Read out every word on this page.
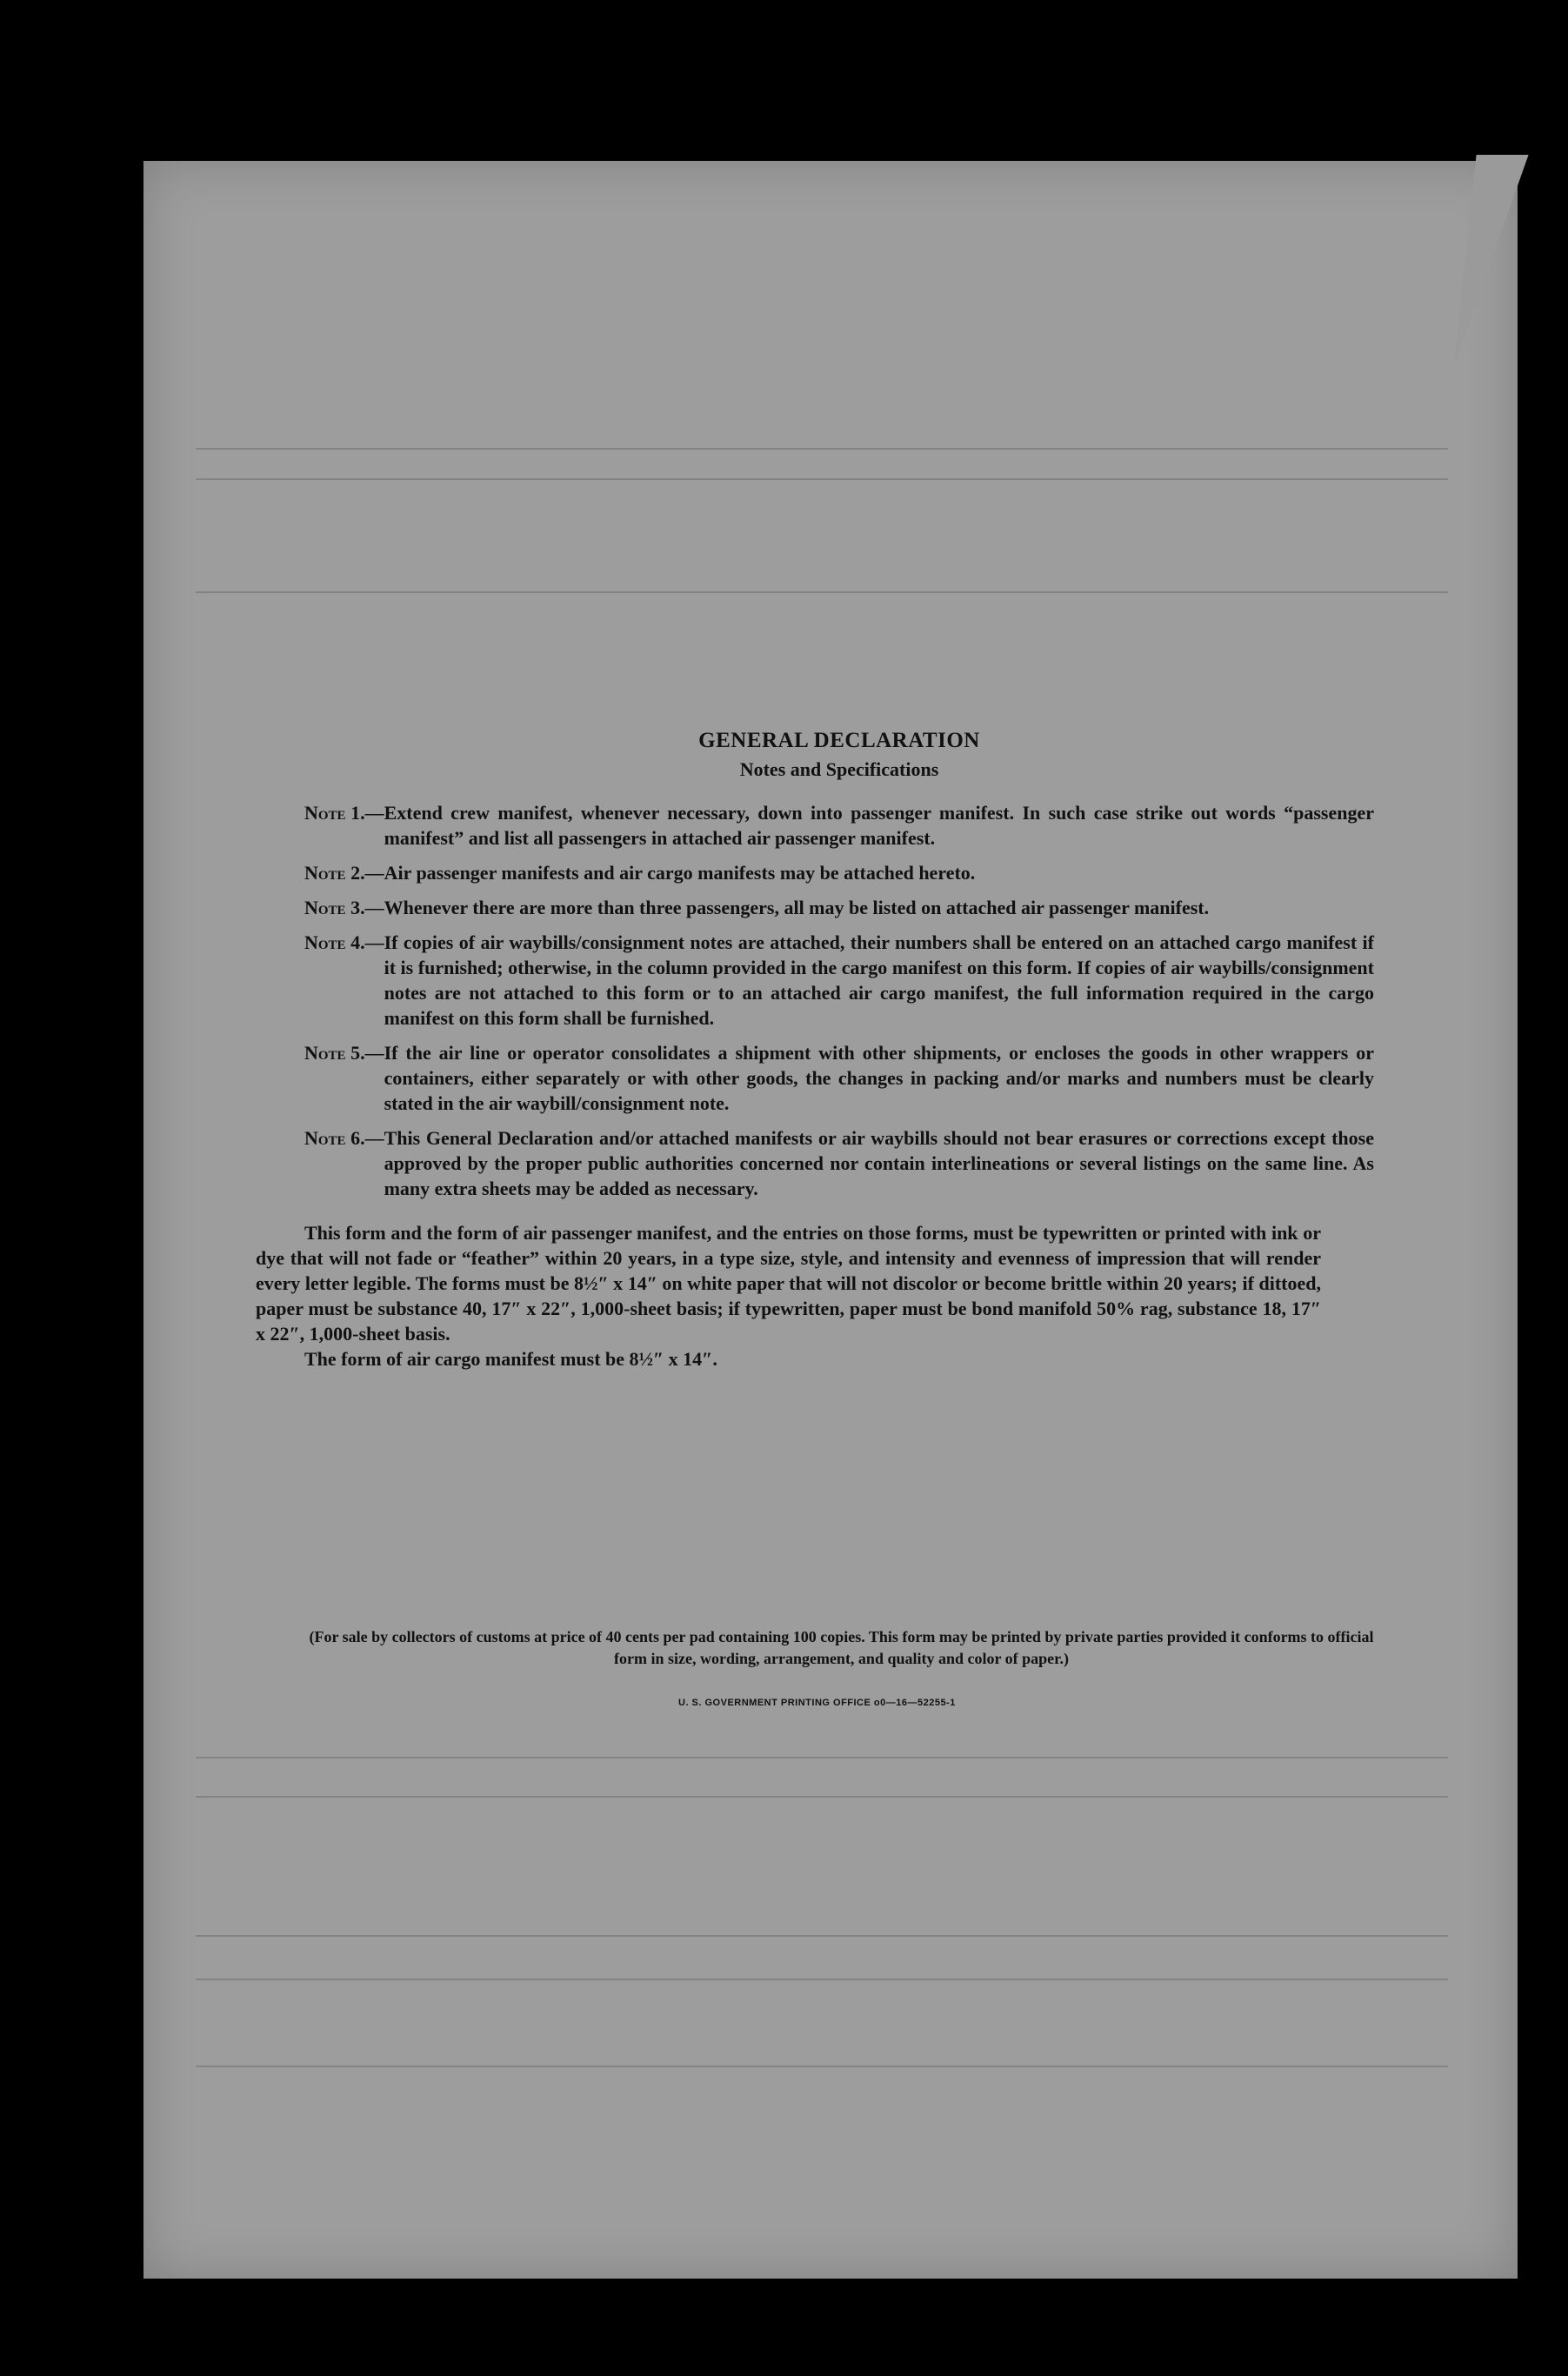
GENERAL DECLARATION
Notes and Specifications
Note 1.— Extend crew manifest, whenever necessary, down into passenger manifest. In such case strike out words “passenger manifest” and list all passengers in attached air passenger manifest.
Note 2.— Air passenger manifests and air cargo manifests may be attached hereto.
Note 3.— Whenever there are more than three passengers, all may be listed on attached air passenger manifest.
Note 4.— If copies of air waybills/consignment notes are attached, their numbers shall be entered on an attached cargo manifest if it is furnished; otherwise, in the column provided in the cargo manifest on this form. If copies of air waybills/consignment notes are not attached to this form or to an attached air cargo manifest, the full information required in the cargo manifest on this form shall be furnished.
Note 5.— If the air line or operator consolidates a shipment with other shipments, or encloses the goods in other wrappers or containers, either separately or with other goods, the changes in packing and/or marks and numbers must be clearly stated in the air waybill/consignment note.
Note 6.— This General Declaration and/or attached manifests or air waybills should not bear erasures or corrections except those approved by the proper public authorities concerned nor contain interlineations or several listings on the same line. As many extra sheets may be added as necessary.
This form and the form of air passenger manifest, and the entries on those forms, must be typewritten or printed with ink or dye that will not fade or “feather” within 20 years, in a type size, style, and intensity and evenness of impression that will render every letter legible. The forms must be 8½″ x 14″ on white paper that will not discolor or become brittle within 20 years; if dittoed, paper must be substance 40, 17″ x 22″, 1,000-sheet basis; if typewritten, paper must be bond manifold 50% rag, substance 18, 17″ x 22″, 1,000-sheet basis.
The form of air cargo manifest must be 8½″ x 14″.
(For sale by collectors of customs at price of 40 cents per pad containing 100 copies. This form may be printed by private parties provided it conforms to official form in size, wording, arrangement, and quality and color of paper.)
U. S. GOVERNMENT PRINTING OFFICE o0—16—52255-1
